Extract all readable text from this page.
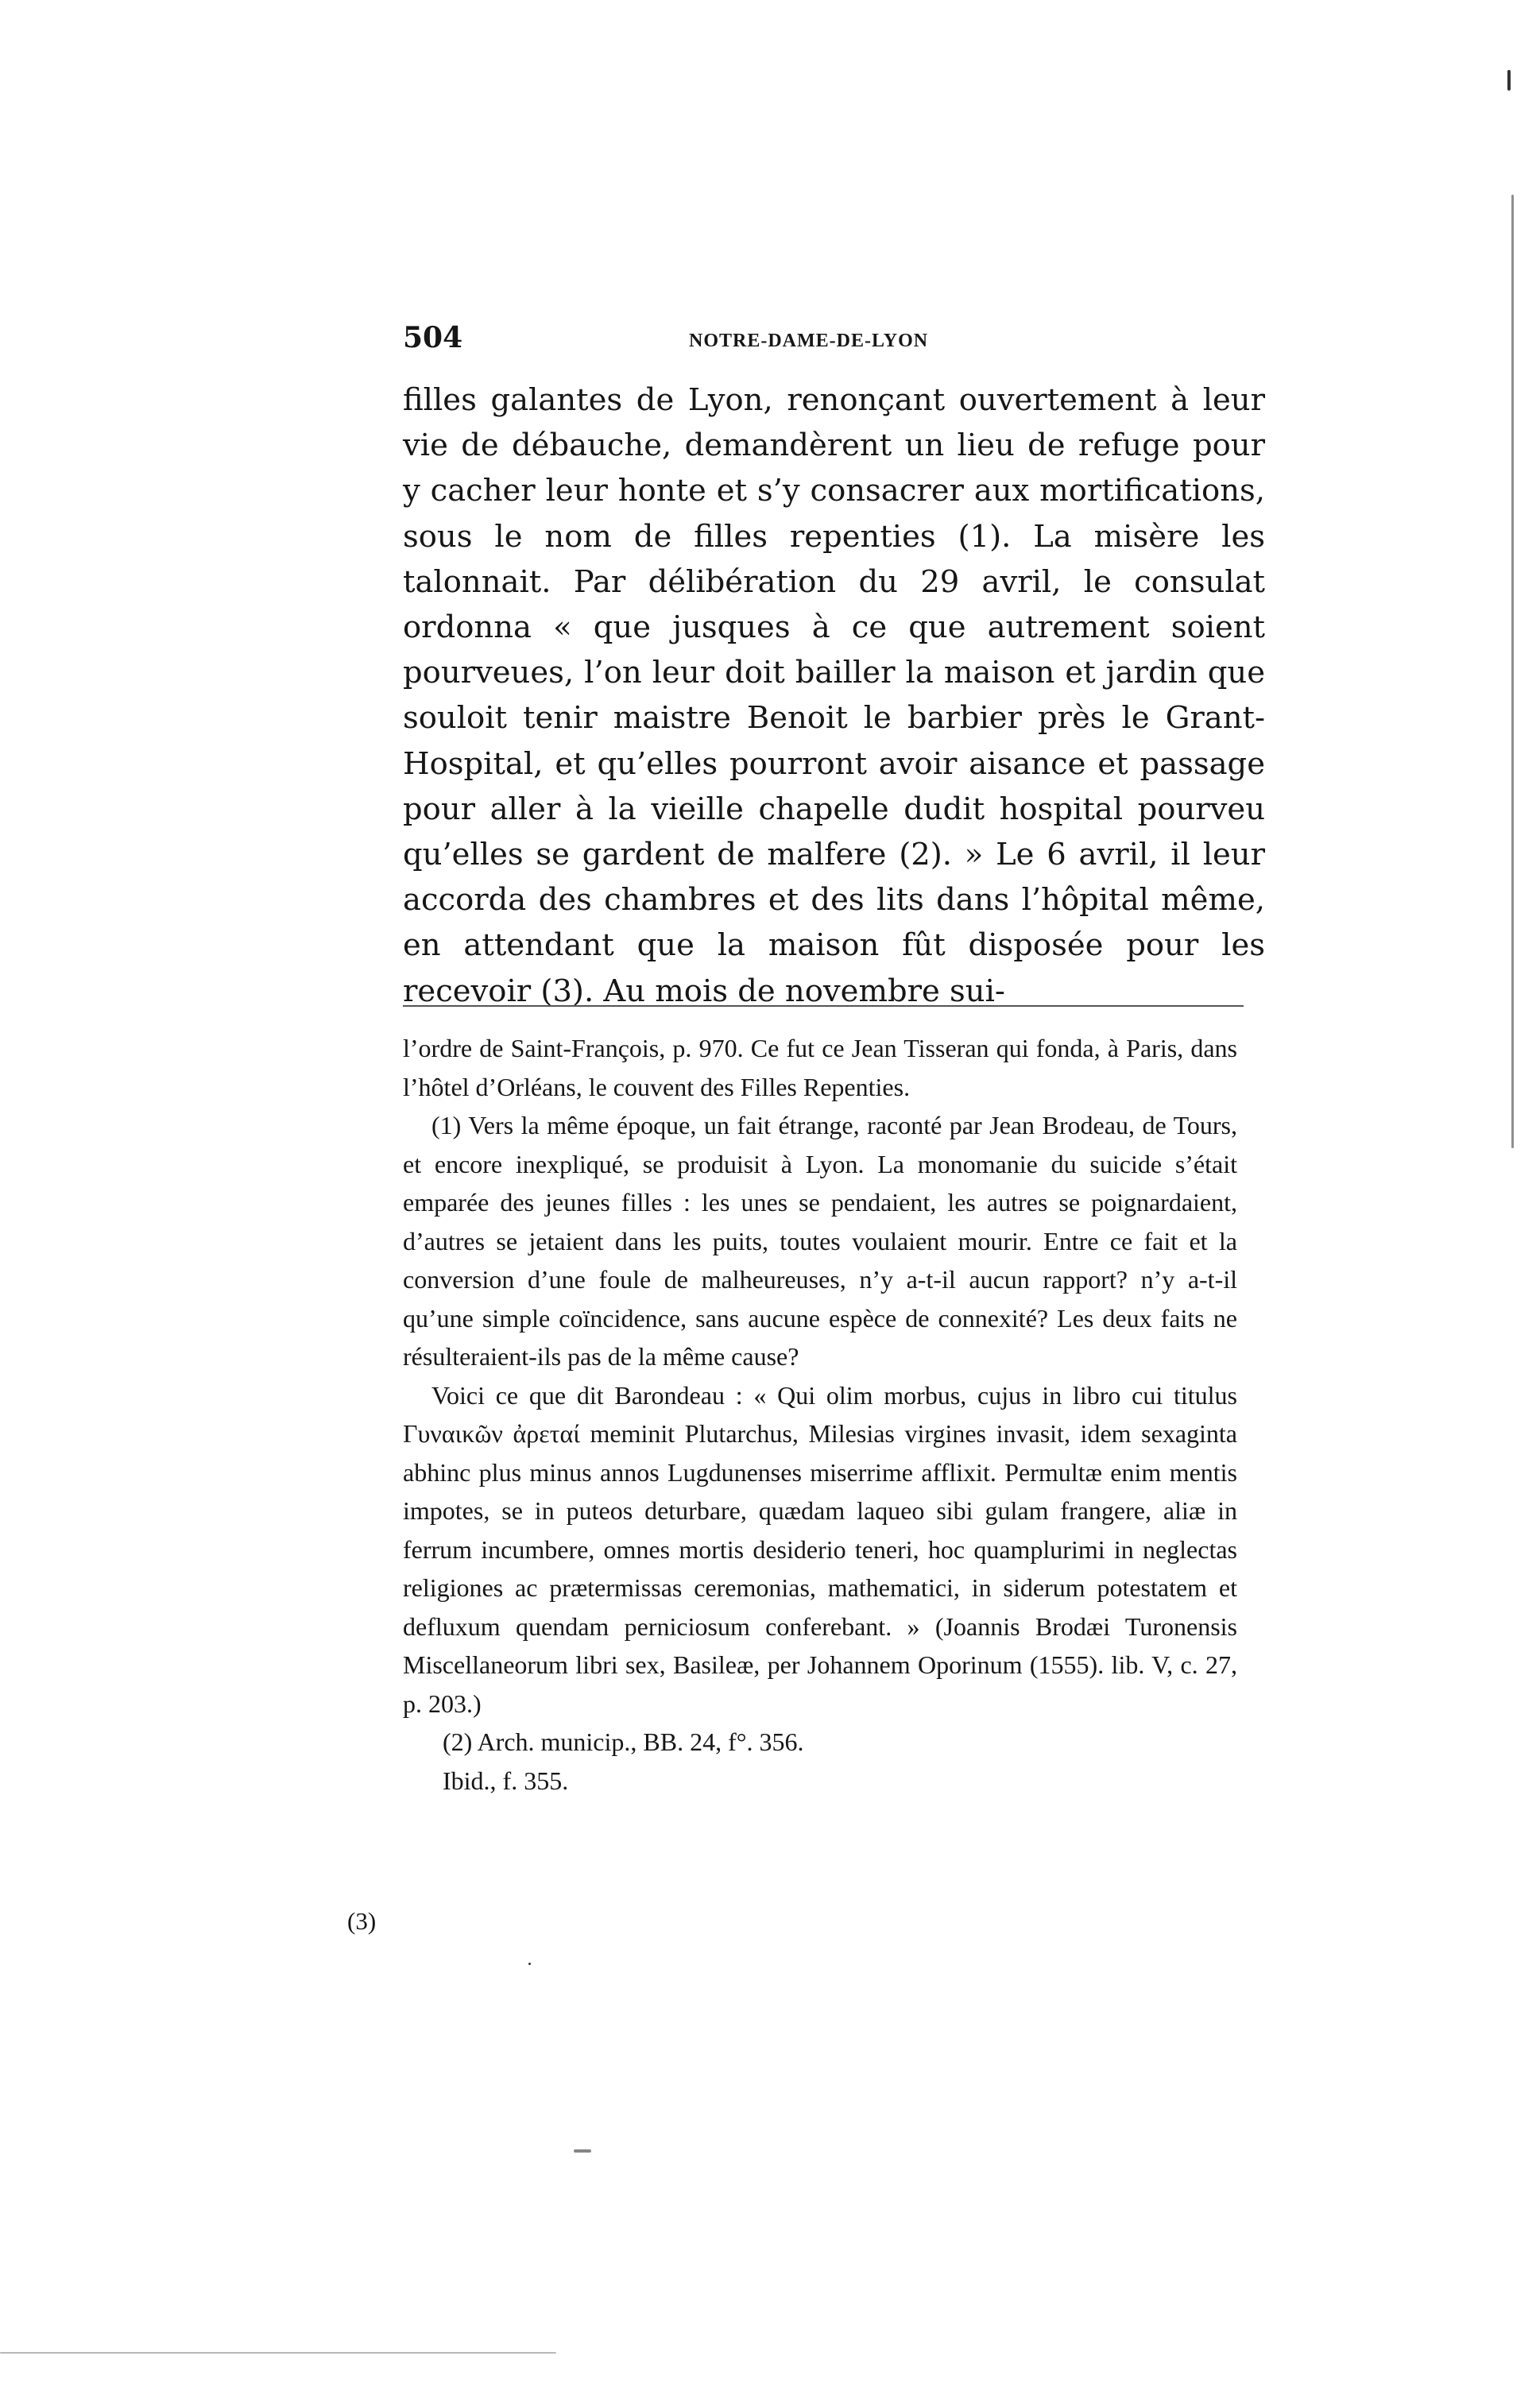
504	NOTRE-DAME-DE-LYON

filles galantes de Lyon, renonçant ouvertement à leur vie de débauche, demandèrent un lieu de refuge pour y cacher leur honte et s’y consacrer aux mortifications, sous le nom de filles repenties (1). La misère les talonnait. Par délibération du 29 avril, le consulat ordonna « que jusques à ce que autrement soient pourveues, l’on leur doit bailler la maison et jardin que souloit tenir maistre Benoit le barbier près le Grant-Hospital, et qu’elles pourront avoir aisance et passage pour aller à la vieille chapelle dudit hospital pourveu qu’elles se gardent de malfere (2). » Le 6 avril, il leur accorda des chambres et des lits dans l’hôpital même, en attendant que la maison fût disposée pour les recevoir (3). Au mois de novembre sui-

l’ordre de Saint-François, p. 970. Ce fut ce Jean Tisseran qui fonda, à Paris, dans l’hôtel d’Orléans, le couvent des Filles Repenties.

(1) Vers la même époque, un fait étrange, raconté par Jean Brodeau, de Tours, et encore inexpliqué, se produisit à Lyon. La monomanie du suicide s’était emparée des jeunes filles : les unes se pendaient, les autres se poignardaient, d’autres se jetaient dans les puits, toutes voulaient mourir. Entre ce fait et la conversion d’une foule de malheureuses, n’y a-t-il aucun rapport? n’y a-t-il qu’une simple coïncidence, sans aucune espèce de connexité? Les deux faits ne résulteraient-ils pas de la même cause?

Voici ce que dit Barondeau : « Qui olim morbus, cujus in libro cui titulus Γυναικῶν ἀρεταί meminit Plutarchus, Milesias virgines invasit, idem sexaginta abhinc plus minus annos Lugdunenses miserrime afflixit. Permultæ enim mentis impotes, se in puteos deturbare, quædam laqueo sibi gulam frangere, aliæ in ferrum incumbere, omnes mortis desiderio teneri, hoc quamplurimi in neglectas religiones ac prætermissas ceremonias, mathematici, in siderum potestatem et defluxum quendam perniciosum conferebant. » (Joannis Brodæi Turonensis Miscellaneorum libri sex, Basileæ, per Johannem Oporinum (1555). lib. V, c. 27, p. 203.)

(2) Arch. municip., BB. 24, f°. 356.

Ibid., f. 355.

(3)
